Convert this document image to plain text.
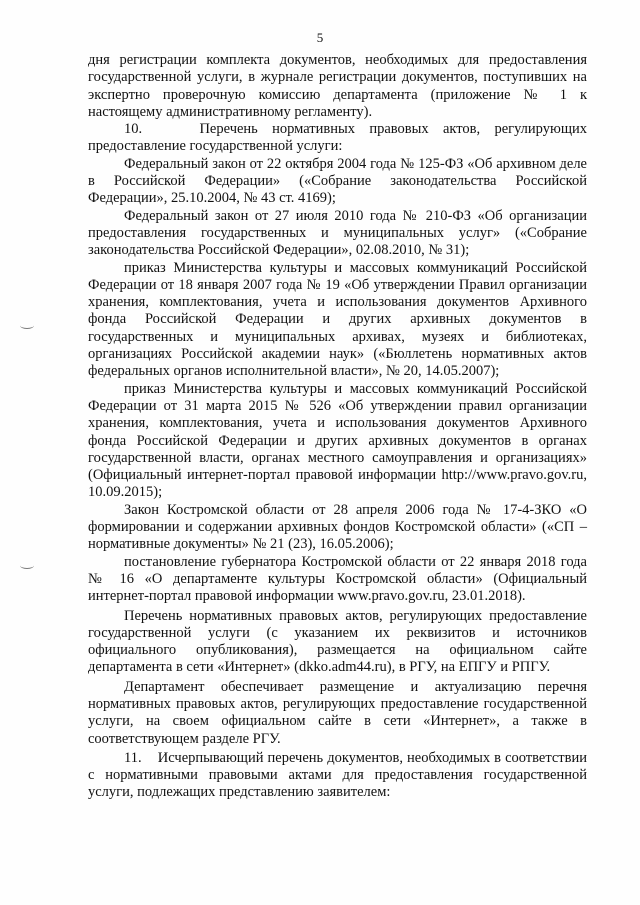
5

дня регистрации комплекта документов, необходимых для предоставления государственной услуги, в журнале регистрации документов, поступивших на экспертно проверочную комиссию департамента (приложение № 1 к настоящему административному регламенту).

10.    Перечень нормативных правовых актов, регулирующих предоставление государственной услуги:

Федеральный закон от 22 октября 2004 года № 125-ФЗ «Об архивном деле в Российской Федерации» («Собрание законодательства Российской Федерации», 25.10.2004, № 43 ст. 4169);

Федеральный закон от 27 июля 2010 года № 210-ФЗ «Об организации предоставления государственных и муниципальных услуг» («Собрание законодательства Российской Федерации», 02.08.2010, № 31);

приказ Министерства культуры и массовых коммуникаций Российской Федерации от 18 января 2007 года № 19 «Об утверждении Правил организации хранения, комплектования, учета и использования документов Архивного фонда Российской Федерации и других архивных документов в государственных и муниципальных архивах, музеях и библиотеках, организациях Российской академии наук» («Бюллетень нормативных актов федеральных органов исполнительной власти», № 20, 14.05.2007);

приказ Министерства культуры и массовых коммуникаций Российской Федерации от 31 марта 2015 № 526 «Об утверждении правил организации хранения, комплектования, учета и использования документов Архивного фонда Российской Федерации и других архивных документов в органах государственной власти, органах местного самоуправления и организациях» (Официальный интернет-портал правовой информации http://www.pravo.gov.ru, 10.09.2015);

Закон Костромской области от 28 апреля 2006 года № 17-4-ЗКО «О формировании и содержании архивных фондов Костромской области» («СП – нормативные документы» № 21 (23), 16.05.2006);

постановление губернатора Костромской области от 22 января 2018 года № 16 «О департаменте культуры Костромской области» (Официальный интернет-портал правовой информации www.pravo.gov.ru, 23.01.2018).

Перечень нормативных правовых актов, регулирующих предоставление государственной услуги (с указанием их реквизитов и источников официального опубликования), размещается на официальном сайте департамента в сети «Интернет» (dkko.adm44.ru), в РГУ, на ЕПГУ и РПГУ.

Департамент обеспечивает размещение и актуализацию перечня нормативных правовых актов, регулирующих предоставление государственной услуги, на своем официальном сайте в сети «Интернет», а также в соответствующем разделе РГУ.

11.    Исчерпывающий перечень документов, необходимых в соответствии с нормативными правовыми актами для предоставления государственной услуги, подлежащих представлению заявителем:
